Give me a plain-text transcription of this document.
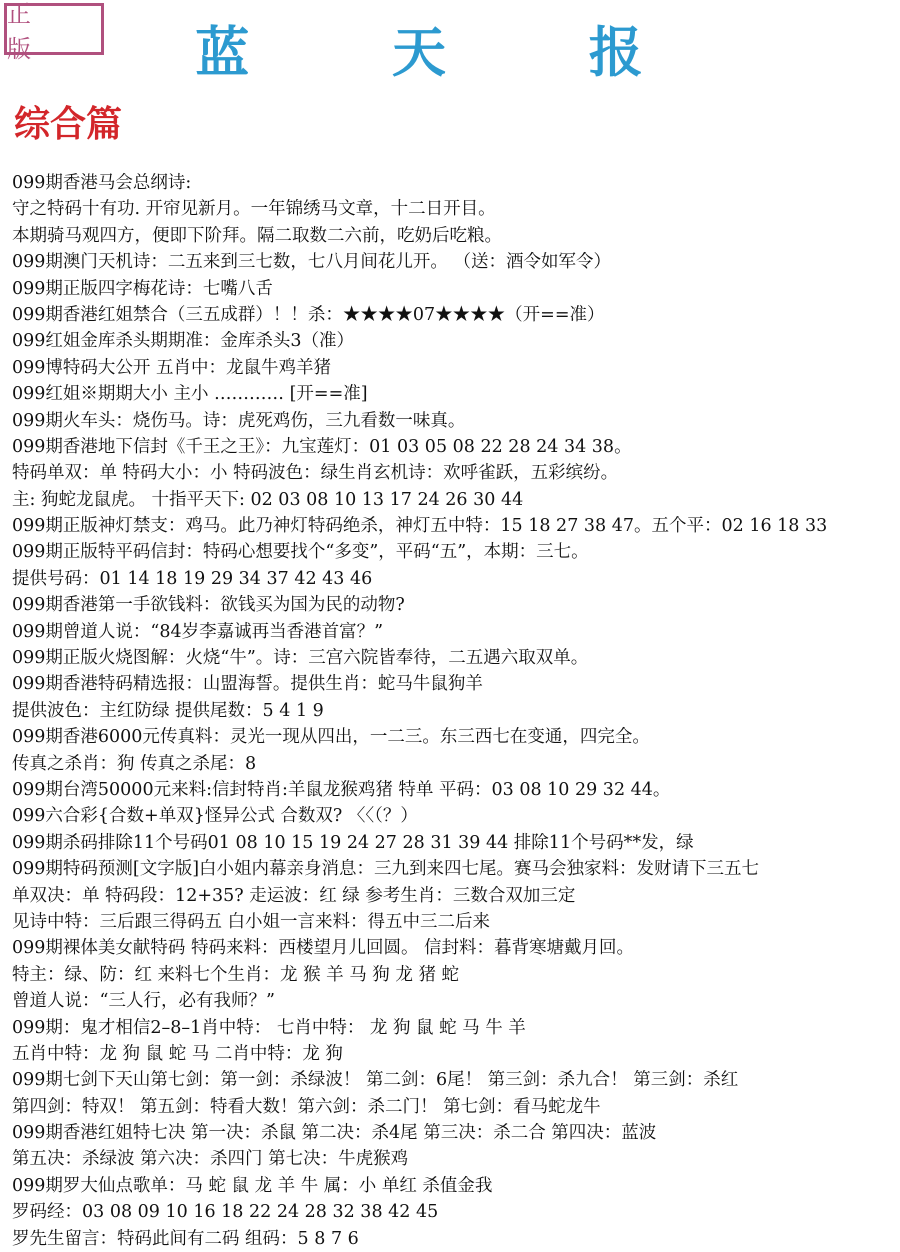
正 版	蓝 天 报
综合篇
099期香港马会总纲诗:
守之特码十有功. 开帘见新月。一年锦绣马文章，十二日开目。
本期骑马观四方，便即下阶拜。隔二取数二六前，吃奶后吃粮。
099期澳门天机诗：二五来到三七数，七八月间花儿开。 （送：酒令如军令）
099期正版四字梅花诗：七嘴八舌
099期香港红姐禁合（三五成群）！！杀：★★★★07★★★★（开==准）
099红姐金库杀头期期准：金库杀头3（准）
099博特码大公开 五肖中：龙鼠牛鸡羊猪
099红姐※期期大小 主小 ………… [开==准]
099期火车头：烧伤马。诗：虎死鸡伤，三九看数一味真。
099期香港地下信封《千王之王》：九宝莲灯：01 03 05 08 22 28 24 34 38。
特码单双：单 特码大小：小 特码波色：绿生肖玄机诗：欢呼雀跃，五彩缤纷。
主: 狗蛇龙鼠虎。 十指平天下: 02 03 08 10 13 17 24 26 30 44
099期正版神灯禁支：鸡马。此乃神灯特码绝杀，神灯五中特：15 18 27 38 47。五个平：02 16 18 33
099期正版特平码信封：特码心想要找个“多变”，平码“五”，本期：三七。
提供号码：01 14 18 19 29 34 37 42 43 46
099期香港第一手欲钱料：欲钱买为国为民的动物?
099期曾道人说：“84岁李嘉诚再当香港首富？”
099期正版火烧图解：火烧“牛”。诗：三宫六院皆奉待，二五遇六取双单。
099期香港特码精选报：山盟海誓。提供生肖：蛇马牛鼠狗羊
提供波色：主红防绿 提供尾数：5 4 1 9
099期香港6000元传真料：灵光一现从四出，一二三。东三西七在变通，四完全。
传真之杀肖：狗 传真之杀尾：8
099期台湾50000元来料:信封特肖:羊鼠龙猴鸡猪 特单 平码：03 08 10 29 32 44。
099六合彩{合数+单双}怪异公式 合数双? 〈〈（？）
099期杀码排除11个号码01 08 10 15 19 24 27 28 31 39 44 排除11个号码**发，绿
099期特码预测[文字版]白小姐内幕亲身消息：三九到来四七尾。赛马会独家料：发财请下三五七
单双决：单 特码段：12+35? 走运波：红 绿 参考生肖：三数合双加三定
见诗中特：三后跟三得码五 白小姐一言来料：得五中三二后来
099期裸体美女献特码 特码来料：西楼望月儿回圆。 信封料：暮背寒塘戴月回。
特主：绿、防：红 来料七个生肖：龙 猴 羊 马 狗 龙 猪 蛇
曾道人说：“三人行，必有我师？”
099期：鬼才相信2–8–1肖中特： 七肖中特： 龙 狗 鼠 蛇 马 牛 羊
五肖中特：龙 狗 鼠 蛇 马 二肖中特：龙 狗
099期七剑下天山第七剑：第一剑：杀绿波！ 第二剑：6尾！ 第三剑：杀九合！ 第三剑：杀红
第四剑：特双！ 第五剑：特看大数！第六剑：杀二门！ 第七剑：看马蛇龙牛
099期香港红姐特七决 第一决：杀鼠 第二决：杀4尾 第三决：杀二合 第四决：蓝波
第五决：杀绿波 第六决：杀四门 第七决：牛虎猴鸡
099期罗大仙点歌单：马 蛇 鼠 龙 羊 牛 属：小 单红 杀值金我
罗码经：03 08 09 10 16 18 22 24 28 32 38 42 45
罗先生留言：特码此间有二码 组码：5 8 7 6
